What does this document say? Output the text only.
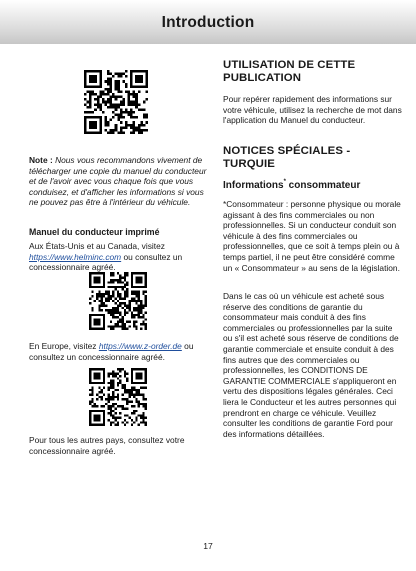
Introduction
Note : Nous vous recommandons vivement de télécharger une copie du manuel du conducteur et de l'avoir avec vous chaque fois que vous conduisez, et d'afficher les informations si vous ne pouvez pas être à l'intérieur du véhicule.
Manuel du conducteur imprimé
Aux États-Unis et au Canada, visitez
https://www.helminc.com ou consultez un concessionnaire agréé.
En Europe, visitez https://www.z-order.de ou consultez un concessionnaire agréé.
Pour tous les autres pays, consultez votre concessionnaire agréé.
UTILISATION DE CETTE PUBLICATION
Pour repérer rapidement des informations sur votre véhicule, utilisez la recherche de mot dans l'application du Manuel du conducteur.
NOTICES SPÉCIALES - TURQUIE
Informations* consommateur
*Consommateur : personne physique ou morale agissant à des fins commerciales ou non professionnelles. Si un conducteur conduit son véhicule à des fins commerciales ou professionnelles, que ce soit à temps plein ou à temps partiel, il ne peut être considéré comme un « Consommateur » au sens de la législation.
Dans le cas où un véhicule est acheté sous réserve des conditions de garantie du consommateur mais conduit à des fins commerciales ou professionnelles par la suite ou s'il est acheté sous réserve de conditions de garantie commerciale et ensuite conduit à des fins autres que des commerciales ou professionnelles, les CONDITIONS DE GARANTIE COMMERCIALE s'appliqueront en vertu des dispositions légales générales. Ceci liera le Conducteur et les autres personnes qui prendront en charge ce véhicule. Veuillez consulter les conditions de garantie Ford pour des informations détaillées.
17
